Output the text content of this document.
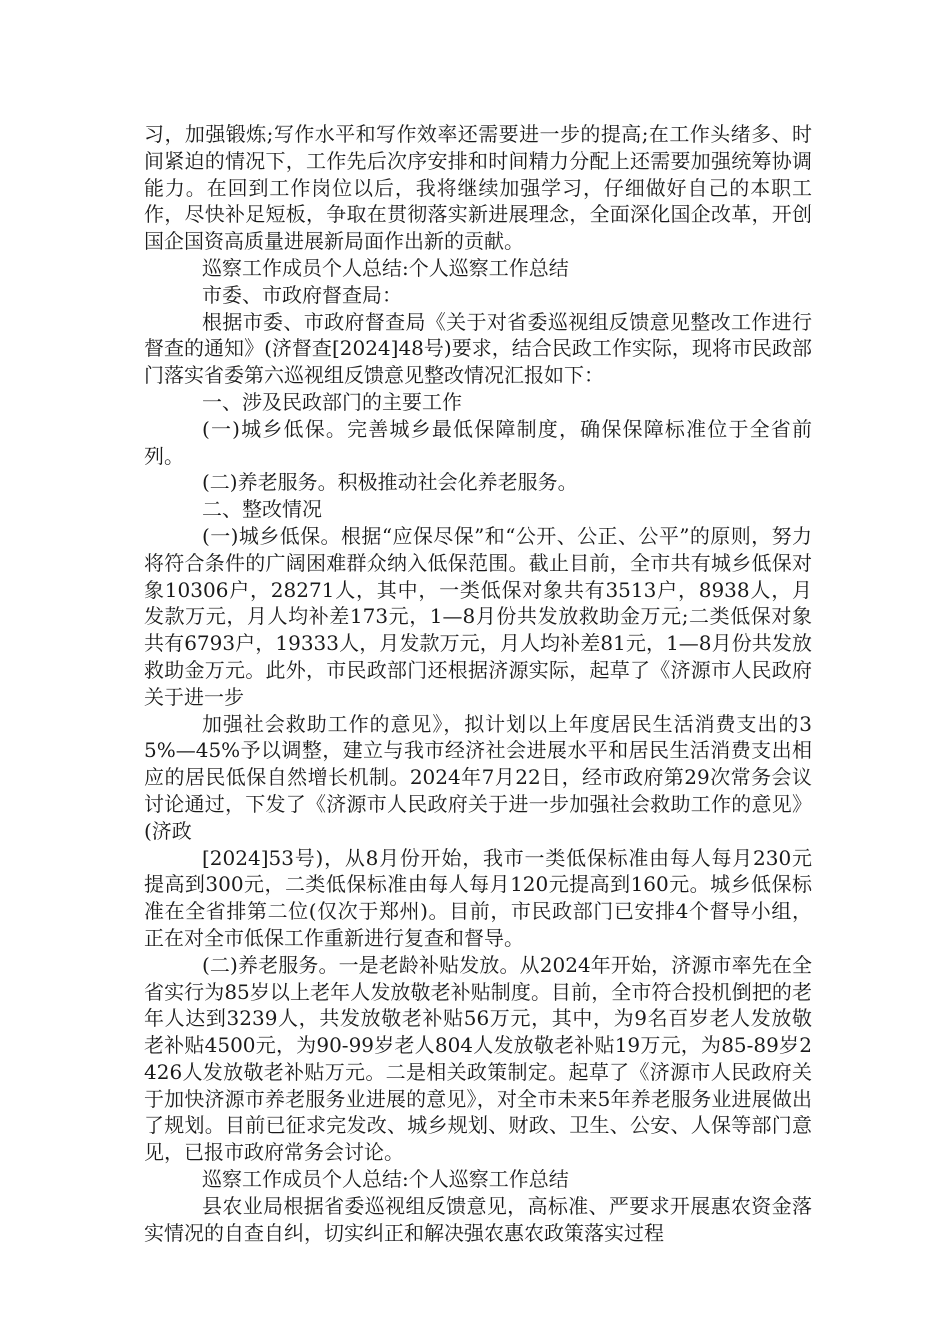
习，加强锻炼;写作水平和写作效率还需要进一步的提高;在工作头绪多、时间紧迫的情况下，工作先后次序安排和时间精力分配上还需要加强统筹协调能力。在回到工作岗位以后，我将继续加强学习，仔细做好自己的本职工作，尽快补足短板，争取在贯彻落实新进展理念，全面深化国企改革，开创国企国资高质量进展新局面作出新的贡献。

巡察工作成员个人总结:个人巡察工作总结

市委、市政府督查局：

根据市委、市政府督查局《关于对省委巡视组反馈意见整改工作进行督查的通知》(济督查[2024]48号)要求，结合民政工作实际，现将市民政部门落实省委第六巡视组反馈意见整改情况汇报如下：

一、涉及民政部门的主要工作

(一)城乡低保。完善城乡最低保障制度，确保保障标准位于全省前列。

(二)养老服务。积极推动社会化养老服务。

二、整改情况

(一)城乡低保。根据“应保尽保”和“公开、公正、公平”的原则，努力将符合条件的广阔困难群众纳入低保范围。截止目前，全市共有城乡低保对象10306户，28271人，其中，一类低保对象共有3513户，8938人，月发款万元，月人均补差173元，1—8月份共发放救助金万元;二类低保对象共有6793户，19333人，月发款万元，月人均补差81元，1—8月份共发放救助金万元。此外，市民政部门还根据济源实际，起草了《济源市人民政府关于进一步

加强社会救助工作的意见》，拟计划以上年度居民生活消费支出的35%—45%予以调整，建立与我市经济社会进展水平和居民生活消费支出相应的居民低保自然增长机制。2024年7月22日，经市政府第29次常务会议讨论通过，下发了《济源市人民政府关于进一步加强社会救助工作的意见》(济政

[2024]53号)，从8月份开始，我市一类低保标准由每人每月230元提高到300元，二类低保标准由每人每月120元提高到160元。城乡低保标准在全省排第二位(仅次于郑州)。目前，市民政部门已安排4个督导小组，正在对全市低保工作重新进行复查和督导。

(二)养老服务。一是老龄补贴发放。从2024年开始，济源市率先在全省实行为85岁以上老年人发放敬老补贴制度。目前，全市符合投机倒把的老年人达到3239人，共发放敬老补贴56万元，其中，为9名百岁老人发放敬老补贴4500元，为90-99岁老人804人发放敬老补贴19万元，为85-89岁2426人发放敬老补贴万元。二是相关政策制定。起草了《济源市人民政府关于加快济源市养老服务业进展的意见》，对全市未来5年养老服务业进展做出了规划。目前已征求完发改、城乡规划、财政、卫生、公安、人保等部门意见，已报市政府常务会讨论。

巡察工作成员个人总结:个人巡察工作总结

县农业局根据省委巡视组反馈意见，高标准、严要求开展惠农资金落实情况的自查自纠，切实纠正和解决强农惠农政策落实过程
